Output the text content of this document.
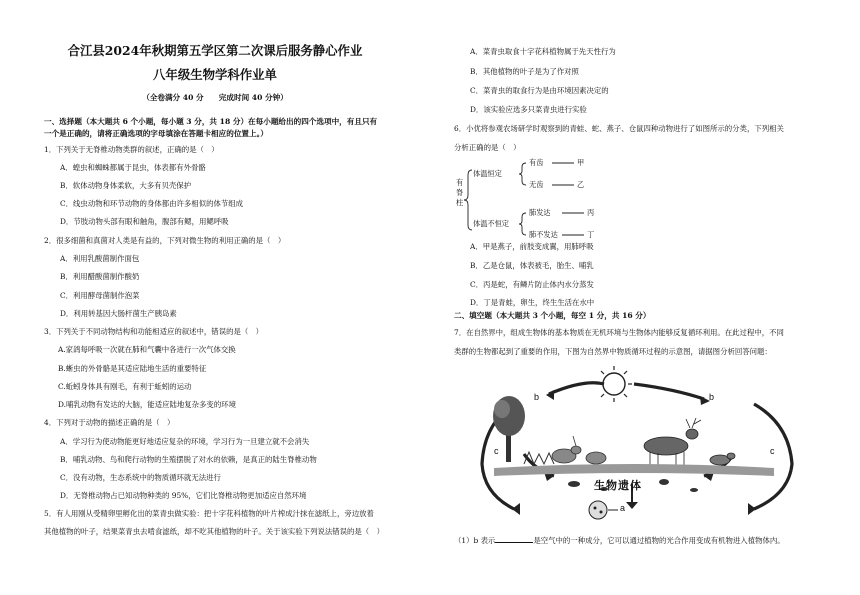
合江县2024年秋期第五学区第二次课后服务静心作业
八年级生物学科作业单
（全卷满分 40 分　　完成时间 40 分钟）
一、选择题（本大题共 6 个小题，每小题 3 分，共 18 分）在每小题给出的四个选项中，有且只有
一个是正确的，请将正确选项的字母填涂在答题卡相应的位置上。）
1．下列关于无脊椎动物类群的叙述，正确的是（　）
A．蝗虫和蜘蛛都属于昆虫，体表都有外骨骼
B．软体动物身体柔软，大多有贝壳保护
C．线虫动物和环节动物的身体都由许多相似的体节组成
D．节肢动物头部有眼和触角，腹部有鳃，用鳃呼吸
2．很多细菌和真菌对人类是有益的，下列对微生物的利用正确的是（　）
A．利用乳酸菌制作面包
B．利用醋酸菌制作酸奶
C．利用酵母菌制作泡菜
D．利用转基因大肠杆菌生产胰岛素
3．下列关于不同动物结构和功能相适应的叙述中，错误的是（　）
A.家鸽每呼吸一次就在肺和气囊中各进行一次气体交换
B.蜥虫的外骨骼是其适应陆地生活的重要特征
C.蚯蚓身体具有刚毛，有利于蚯蚓的运动
D.哺乳动物有发达的大脑，能适应陆地复杂多变的环境
4．下列对于动物的描述正确的是（　）
A．学习行为使动物能更好地适应复杂的环境，学习行为一旦建立就不会消失
B．哺乳动物、鸟和爬行动物的生殖摆脱了对水的依赖，是真正的陆生脊椎动物
C．没有动物，生态系统中的物质循环就无法进行
D．无脊椎动物占已知动物种类的 95%，它们比脊椎动物更加适应自然环境
5．有人用刚从受精卵里孵化出的菜青虫做实验：把十字花科植物的叶片榨成汁抹在滤纸上，旁边放着
其他植物的叶子，结果菜青虫去啃食滤纸，却不吃其他植物的叶子。关于该实验下列说法错误的是（　）
A．菜青虫取食十字花科植物属于先天性行为
B．其他植物的叶子是为了作对照
C．菜青虫的取食行为是由环境因素决定的
D．该实验应选多只菜青虫进行实验
6．小优将参观农场研学时观察到的青蛙、蛇、燕子、仓鼠四种动物进行了如图所示的分类，下列相关
分析正确的是（　）
有
脊
柱
体温恒定
体温不恒定
有齿
无齿
肺发达
肺不发达
甲
乙
丙
丁
A．甲是燕子，前肢变成翼，用肺呼吸
B．乙是仓鼠，体表被毛，胎生、哺乳
C．丙是蛇，有鳞片防止体内水分蒸发
D．丁是青蛙，卵生，终生生活在水中
二、填空题（本大题共 3 个小题，每空 1 分，共 16 分）
7．在自然界中，组成生物体的基本物质在无机环境与生物体内能够反复循环利用。在此过程中，不同
类群的生物都起到了重要的作用，下图为自然界中物质循环过程的示意图，请据图分析回答问题：
b	b
c	c
生物遗体
a
（1）b 表示	是空气中的一种成分，它可以通过植物的光合作用变成有机物进入植物体内。
